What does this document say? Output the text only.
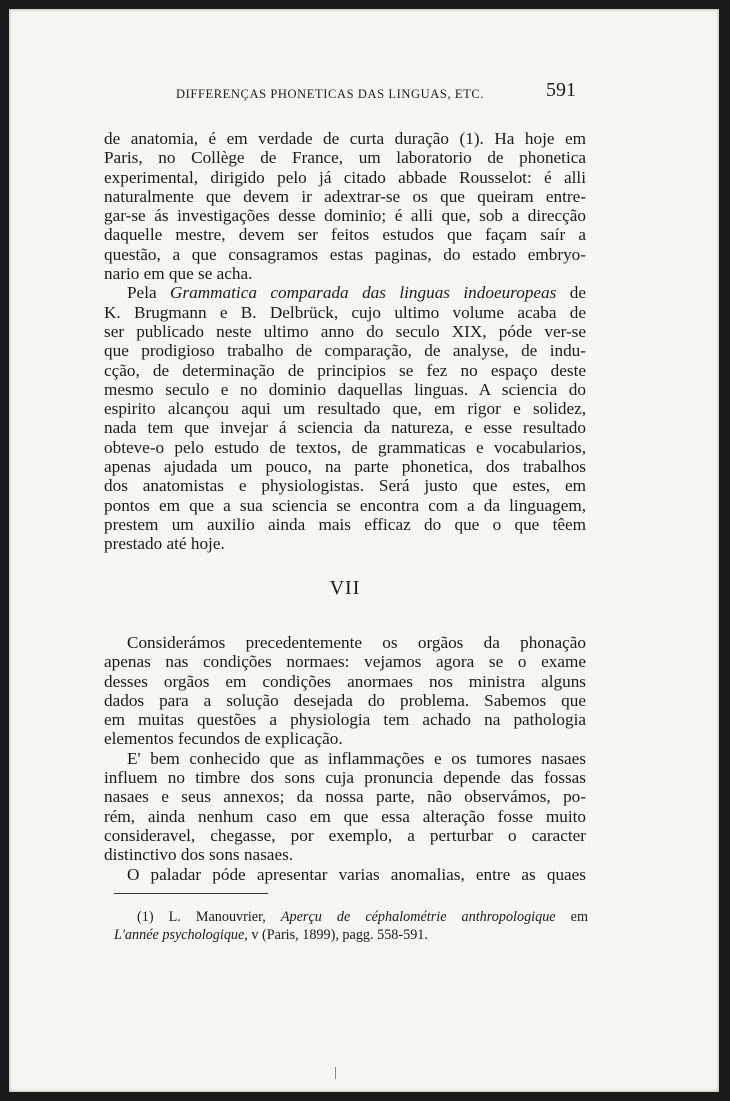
DIFFERENÇAS PHONETICAS DAS LINGUAS, ETC.	591

de anatomia, é em verdade de curta duração (1). Ha hoje em
Paris, no Collège de France, um laboratorio de phonetica
experimental, dirigido pelo já citado abbade Rousselot: é alli
naturalmente que devem ir adextrar-se os que queiram entre-
gar-se ás investigações desse dominio; é alli que, sob a direcção
daquelle mestre, devem ser feitos estudos que façam saír a
questão, a que consagramos estas paginas, do estado embryo-
nario em que se acha.

Pela Grammatica comparada das linguas indoeuropeas de
K. Brugmann e B. Delbrück, cujo ultimo volume acaba de
ser publicado neste ultimo anno do seculo XIX, póde ver-se
que prodigioso trabalho de comparação, de analyse, de indu-
cção, de determinação de principios se fez no espaço deste
mesmo seculo e no dominio daquellas linguas. A sciencia do
espirito alcançou aqui um resultado que, em rigor e solidez,
nada tem que invejar á sciencia da natureza, e esse resultado
obteve-o pelo estudo de textos, de grammaticas e vocabularios,
apenas ajudada um pouco, na parte phonetica, dos trabalhos
dos anatomistas e physiologistas. Será justo que estes, em
pontos em que a sua sciencia se encontra com a da linguagem,
prestem um auxilio ainda mais efficaz do que o que têem
prestado até hoje.

VII

Considerámos precedentemente os orgãos da phonação
apenas nas condições normaes: vejamos agora se o exame
desses orgãos em condições anormaes nos ministra alguns
dados para a solução desejada do problema. Sabemos que
em muitas questões a physiologia tem achado na pathologia
elementos fecundos de explicação.

E' bem conhecido que as inflammações e os tumores nasaes
influem no timbre dos sons cuja pronuncia depende das fossas
nasaes e seus annexos; da nossa parte, não observámos, po-
rém, ainda nenhum caso em que essa alteração fosse muito
consideravel, chegasse, por exemplo, a perturbar o caracter
distinctivo dos sons nasaes.

O paladar póde apresentar varias anomalias, entre as quaes

(1) L. Manouvrier, Aperçu de céphalométrie anthropologique em
L'année psychologique, v (Paris, 1899), pagg. 558-591.
